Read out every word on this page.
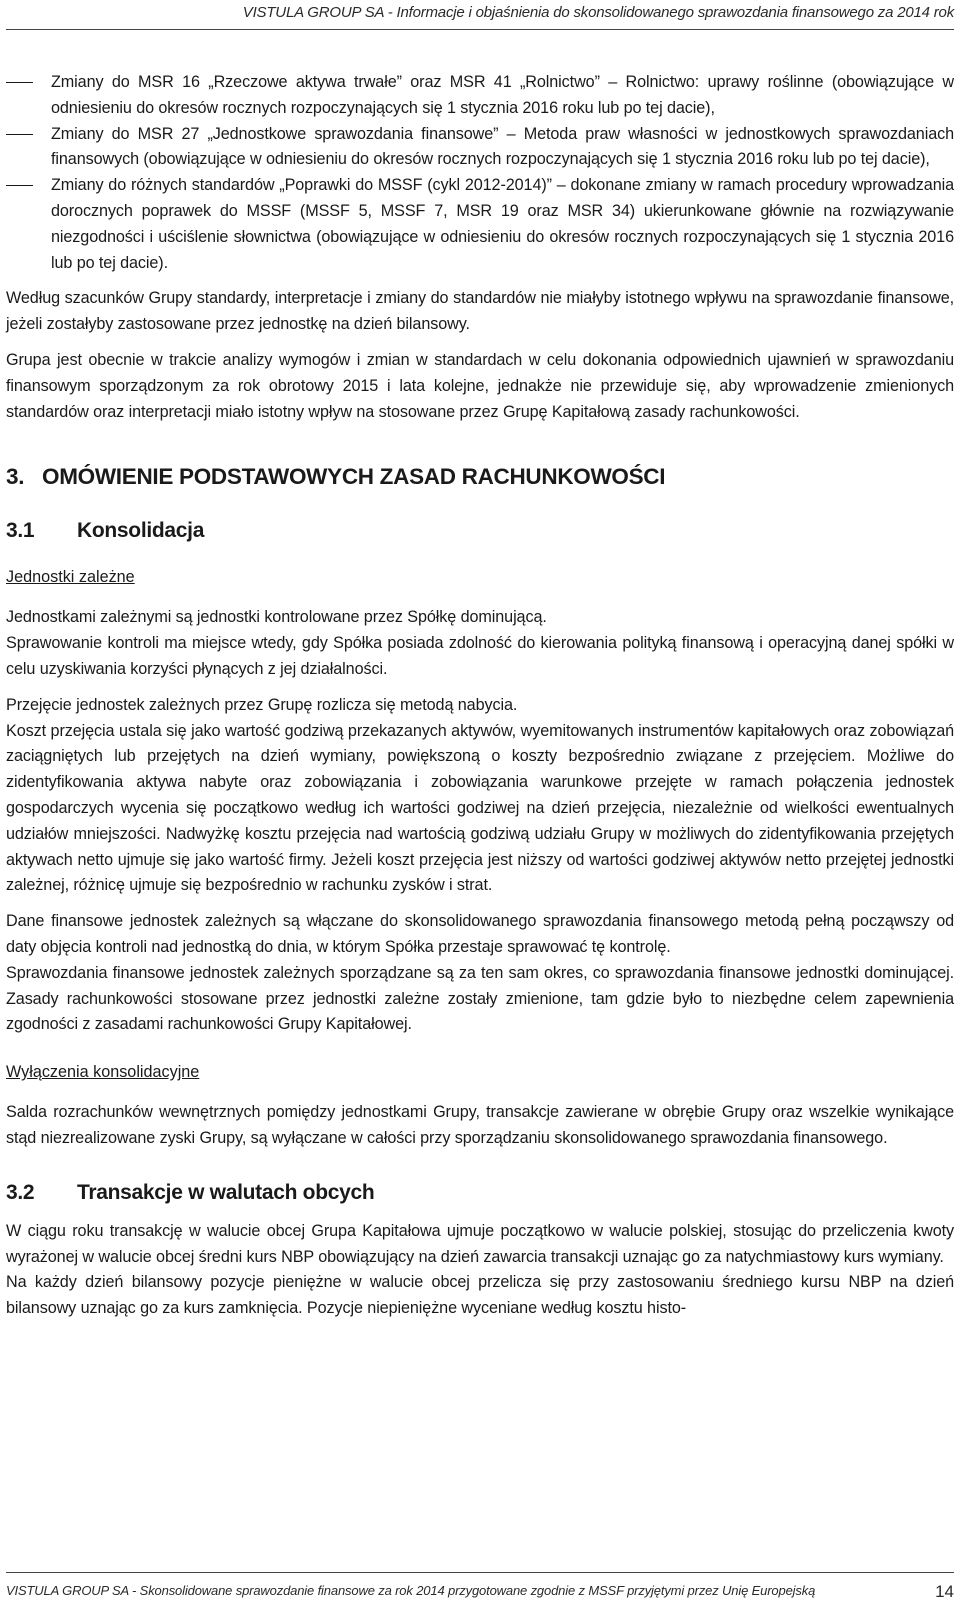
VISTULA GROUP SA - Informacje i objaśnienia do skonsolidowanego sprawozdania finansowego za 2014 rok
Zmiany do MSR 16 „Rzeczowe aktywa trwałe” oraz MSR 41 „Rolnictwo” – Rolnictwo: uprawy roślinne (obowiązujące w odniesieniu do okresów rocznych rozpoczynających się 1 stycznia 2016 roku lub po tej dacie),
Zmiany do MSR 27 „Jednostkowe sprawozdania finansowe” – Metoda praw własności w jednostkowych sprawozdaniach finansowych (obowiązujące w odniesieniu do okresów rocznych rozpoczynających się 1 stycznia 2016 roku lub po tej dacie),
Zmiany do różnych standardów „Poprawki do MSSF (cykl 2012-2014)” – dokonane zmiany w ramach procedury wprowadzania dorocznych poprawek do MSSF (MSSF 5, MSSF 7, MSR 19 oraz MSR 34) ukierunkowane głównie na rozwiązywanie niezgodności i uściślenie słownictwa (obowiązujące w odniesieniu do okresów rocznych rozpoczynających się 1 stycznia 2016 lub po tej dacie).

Według szacunków Grupy standardy, interpretacje i zmiany do standardów nie miałyby istotnego wpływu na sprawozdanie finansowe, jeżeli zostałyby zastosowane przez jednostkę na dzień bilansowy.

Grupa jest obecnie w trakcie analizy wymogów i zmian w standardach w celu dokonania odpowiednich ujawnień w sprawozdaniu finansowym sporządzonym za rok obrotowy 2015 i lata kolejne, jednakże nie przewiduje się, aby wprowadzenie zmienionych standardów oraz interpretacji miało istotny wpływ na stosowane przez Grupę Kapitałową zasady rachunkowości.

3. OMÓWIENIE PODSTAWOWYCH ZASAD RACHUNKOWOŚCI
3.1 Konsolidacja
Jednostki zależne

Jednostkami zależnymi są jednostki kontrolowane przez Spółkę dominującą.

Sprawowanie kontroli ma miejsce wtedy, gdy Spółka posiada zdolność do kierowania polityką finansową i operacyjną danej spółki w celu uzyskiwania korzyści płynących z jej działalności.

Przejęcie jednostek zależnych przez Grupę rozlicza się metodą nabycia.

Koszt przejęcia ustala się jako wartość godziwą przekazanych aktywów, wyemitowanych instrumentów kapitałowych oraz zobowiązań zaciągniętych lub przejętych na dzień wymiany, powiększoną o koszty bezpośrednio związane z przejęciem. Możliwe do zidentyfikowania aktywa nabyte oraz zobowiązania i zobowiązania warunkowe przejęte w ramach połączenia jednostek gospodarczych wycenia się początkowo według ich wartości godziwej na dzień przejęcia, niezależnie od wielkości ewentualnych udziałów mniejszości. Nadwyżkę kosztu przejęcia nad wartością godziwą udziału Grupy w możliwych do zidentyfikowania przejętych aktywach netto ujmuje się jako wartość firmy. Jeżeli koszt przejęcia jest niższy od wartości godziwej aktywów netto przejętej jednostki zależnej, różnicę ujmuje się bezpośrednio w rachunku zysków i strat.

Dane finansowe jednostek zależnych są włączane do skonsolidowanego sprawozdania finansowego metodą pełną począwszy od daty objęcia kontroli nad jednostką do dnia, w którym Spółka przestaje sprawować tę kontrolę.

Sprawozdania finansowe jednostek zależnych sporządzane są za ten sam okres, co sprawozdania finansowe jednostki dominującej. Zasady rachunkowości stosowane przez jednostki zależne zostały zmienione, tam gdzie było to niezbędne celem zapewnienia zgodności z zasadami rachunkowości Grupy Kapitałowej.

Wyłączenia konsolidacyjne

Salda rozrachunków wewnętrznych pomiędzy jednostkami Grupy, transakcje zawierane w obrębie Grupy oraz wszelkie wynikające stąd niezrealizowane zyski Grupy, są wyłączane w całości przy sporządzaniu skonsolidowanego sprawozdania finansowego.

3.2 Transakcje w walutach obcych

W ciągu roku transakcję w walucie obcej Grupa Kapitałowa ujmuje początkowo w walucie polskiej, stosując do przeliczenia kwoty wyrażonej w walucie obcej średni kurs NBP obowiązujący na dzień zawarcia transakcji uznając go za natychmiastowy kurs wymiany.

Na każdy dzień bilansowy pozycje pieniężne w walucie obcej przelicza się przy zastosowaniu średniego kursu NBP na dzień bilansowy uznając go za kurs zamknięcia. Pozycje niepieniężne wyceniane według kosztu histo-

VISTULA GROUP SA - Skonsolidowane sprawozdanie finansowe za rok 2014 przygotowane zgodnie z MSSF przyjętymi przez Unię Europejską	14
